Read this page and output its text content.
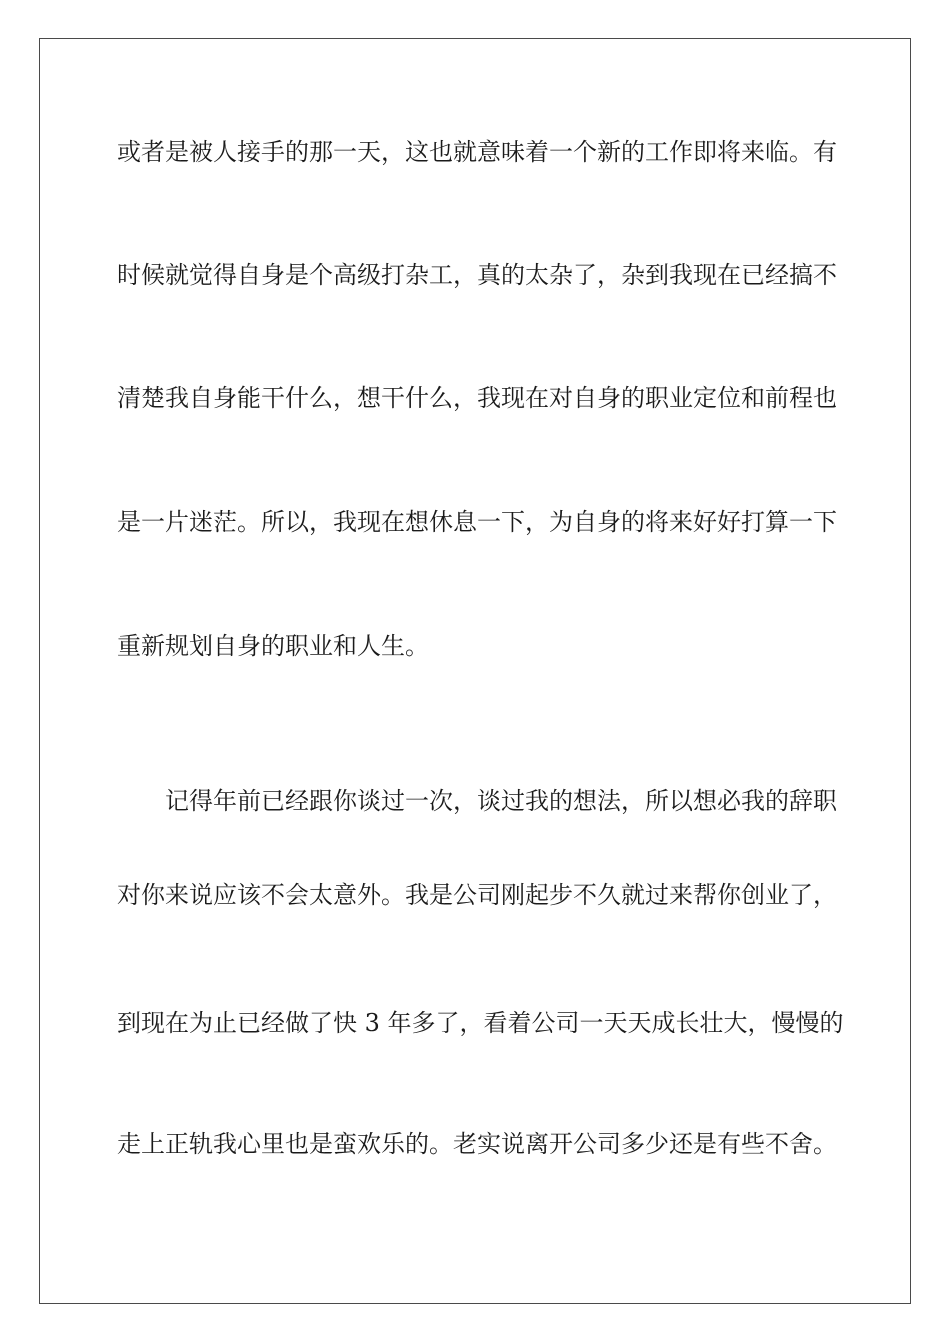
或者是被人接手的那一天，这也就意味着一个新的工作即将来临。有
时候就觉得自身是个高级打杂工，真的太杂了，杂到我现在已经搞不
清楚我自身能干什么，想干什么，我现在对自身的职业定位和前程也
是一片迷茫。所以，我现在想休息一下，为自身的将来好好打算一下
重新规划自身的职业和人生。
记得年前已经跟你谈过一次，谈过我的想法，所以想必我的辞职
对你来说应该不会太意外。我是公司刚起步不久就过来帮你创业了，
到现在为止已经做了快 3 年多了，看着公司一天天成长壮大，慢慢的
走上正轨我心里也是蛮欢乐的。老实说离开公司多少还是有些不舍。
